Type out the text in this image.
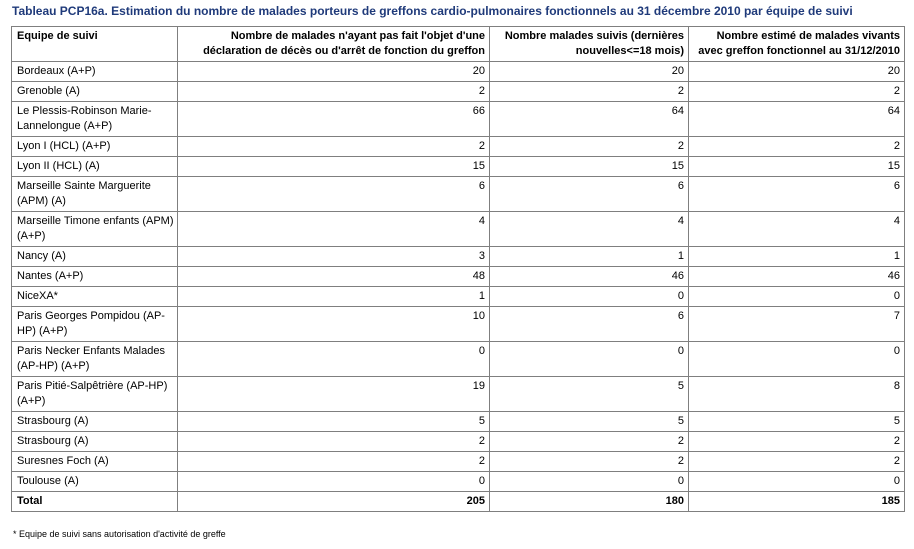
Tableau PCP16a. Estimation du nombre de malades porteurs de greffons cardio-pulmonaires fonctionnels au 31 décembre 2010 par équipe de suivi
Equipe de suivi	Nombre de malades n'ayant pas fait l'objet d'une déclaration de décès ou d'arrêt de fonction du greffon	Nombre malades suivis (dernières nouvelles<=18 mois)	Nombre estimé de malades vivants avec greffon fonctionnel au 31/12/2010
Bordeaux (A+P)	20	20	20
Grenoble (A)	2	2	2
Le Plessis-Robinson Marie-Lannelongue (A+P)	66	64	64
Lyon I (HCL) (A+P)	2	2	2
Lyon II (HCL) (A)	15	15	15
Marseille Sainte Marguerite (APM) (A)	6	6	6
Marseille Timone enfants (APM) (A+P)	4	4	4
Nancy (A)	3	1	1
Nantes (A+P)	48	46	46
NiceXA*	1	0	0
Paris Georges Pompidou (AP-HP) (A+P)	10	6	7
Paris Necker Enfants Malades (AP-HP) (A+P)	0	0	0
Paris Pitié-Salpêtrière (AP-HP) (A+P)	19	5	8
Strasbourg (A)	5	5	5
Strasbourg (A)	2	2	2
Suresnes Foch (A)	2	2	2
Toulouse (A)	0	0	0
Total	205	180	185
* Equipe de suivi sans autorisation d'activité de greffe
